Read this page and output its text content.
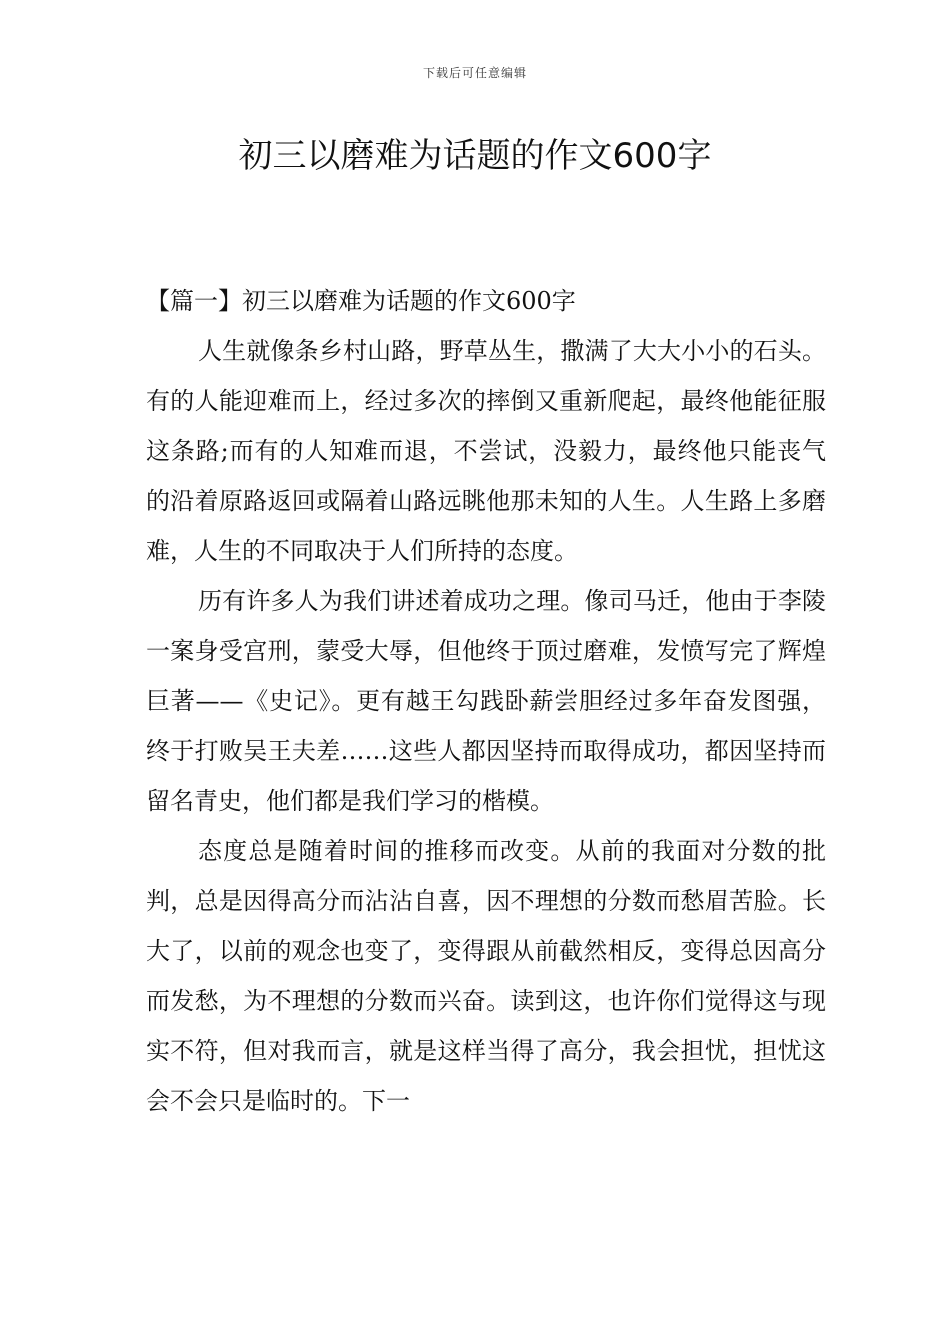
下载后可任意编辑
初三以磨难为话题的作文600字

【篇一】初三以磨难为话题的作文600字

人生就像条乡村山路，野草丛生，撒满了大大小小的石头。有的人能迎难而上，经过多次的摔倒又重新爬起，最终他能征服这条路;而有的人知难而退，不尝试，没毅力，最终他只能丧气的沿着原路返回或隔着山路远眺他那未知的人生。人生路上多磨难，人生的不同取决于人们所持的态度。

历有许多人为我们讲述着成功之理。像司马迁，他由于李陵一案身受宫刑，蒙受大辱，但他终于顶过磨难，发愤写完了辉煌巨著——《史记》。更有越王勾践卧薪尝胆经过多年奋发图强，终于打败吴王夫差……这些人都因坚持而取得成功，都因坚持而留名青史，他们都是我们学习的楷模。

态度总是随着时间的推移而改变。从前的我面对分数的批判，总是因得高分而沾沾自喜，因不理想的分数而愁眉苦脸。长大了，以前的观念也变了，变得跟从前截然相反，变得总因高分而发愁，为不理想的分数而兴奋。读到这，也许你们觉得这与现实不符，但对我而言，就是这样当得了高分，我会担忧，担忧这会不会只是临时的。下一
